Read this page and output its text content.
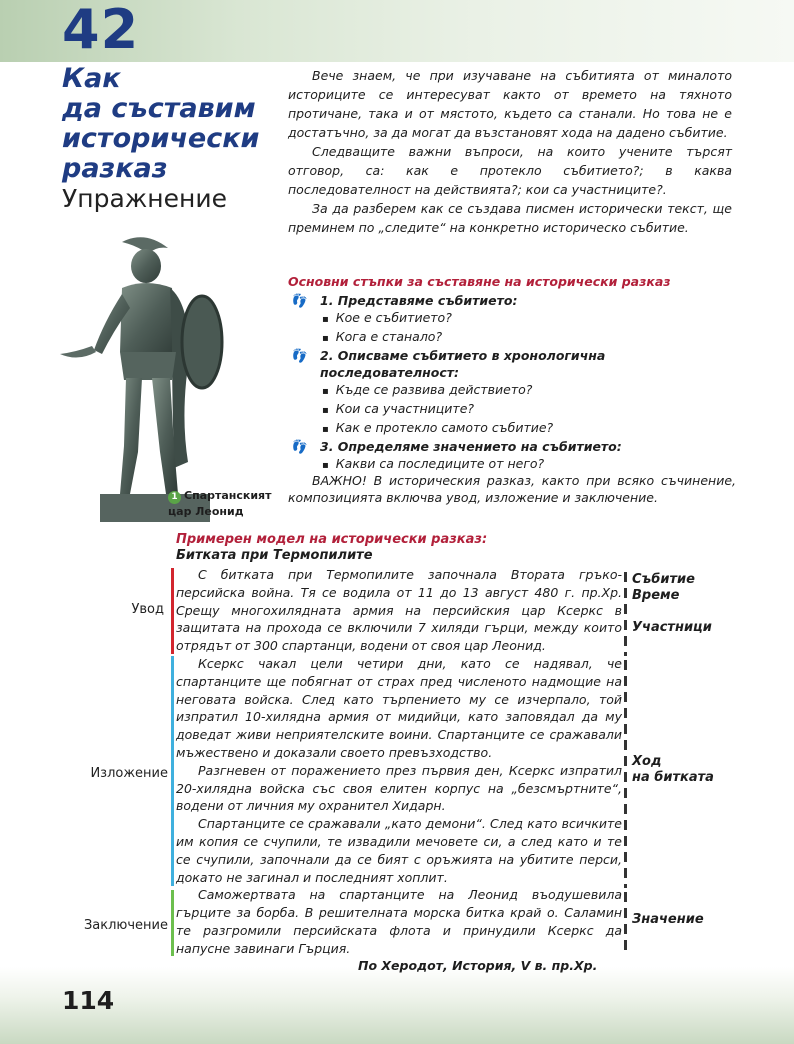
42
Как
да съставим
исторически
разказ
Упражнение

Вече знаем, че при изучаване на събитията от миналото историците се интересуват както от времето на тяхното протичане, така и от мястото, където са станали. Но това не е достатъчно, за да могат да възстановят хода на дадено събитие.

Следващите важни въпроси, на които учените търсят отговор, са: как е протекло събитието?; в каква последователност на действията?; кои са участниците?.

За да разберем как се създава писмен исторически текст, ще преминем по „следите“ на конкретно историческо събитие.

1 Спартанският цар Леонид
Основни стъпки за съставяне на исторически разказ
👣 1. Представяме събитието:
▪ Кое е събитието?
▪ Кога е станало?
👣 2. Описваме събитието в хронологична последователност:
▪ Къде се развива действието?
▪ Кои са участниците?
▪ Как е протекло самото събитие?
👣 3. Определяме значението на събитието:
▪ Какви са последиците от него?
ВАЖНО! В историческия разказ, както при всяко съчинение, композицията включва увод, изложение и заключение.
Примерен модел на исторически разказ:
Битката при Термопилите
Увод
Изложение
Заключение

С битката при Термопилите започнала Втората гръко-персийска война. Тя се водила от 11 до 13 август 480 г. пр.Хр. Срещу многохилядната армия на персийския цар Ксеркс в защитата на прохода се включили 7 хиляди гърци, между които отрядът от 300 спартанци, водени от своя цар Леонид.

Ксеркс чакал цели четири дни, като се надявал, че спартанците ще побягнат от страх пред численото надмощие на неговата войска. След като търпението му се изчерпало, той изпратил 10-хилядна армия от мидийци, като заповядал да му доведат живи неприятелските воини. Спартанците се сражавали мъжествено и доказали своето превъзходство.

Разгневен от поражението през първия ден, Ксеркс изпратил 20-хилядна войска със своя елитен корпус на „безсмъртните“, водени от личния му охранител Хидарн.

Спартанците се сражавали „като демони“. След като всичките им копия се счупили, те извадили мечовете си, а след като и те се счупили, започнали да се бият с оръжията на убитите перси, докато не загинал и последният хоплит.

Саможертвата на спартанците на Леонид въодушевила гърците за борба. В решителната морска битка край о. Саламин те разгромили персийската флота и принудили Ксеркс да напусне завинаги Гърция.

Събитие
Време
Участници
Ход
на битката
Значение
По Херодот, История, V в. пр.Хр.
114
